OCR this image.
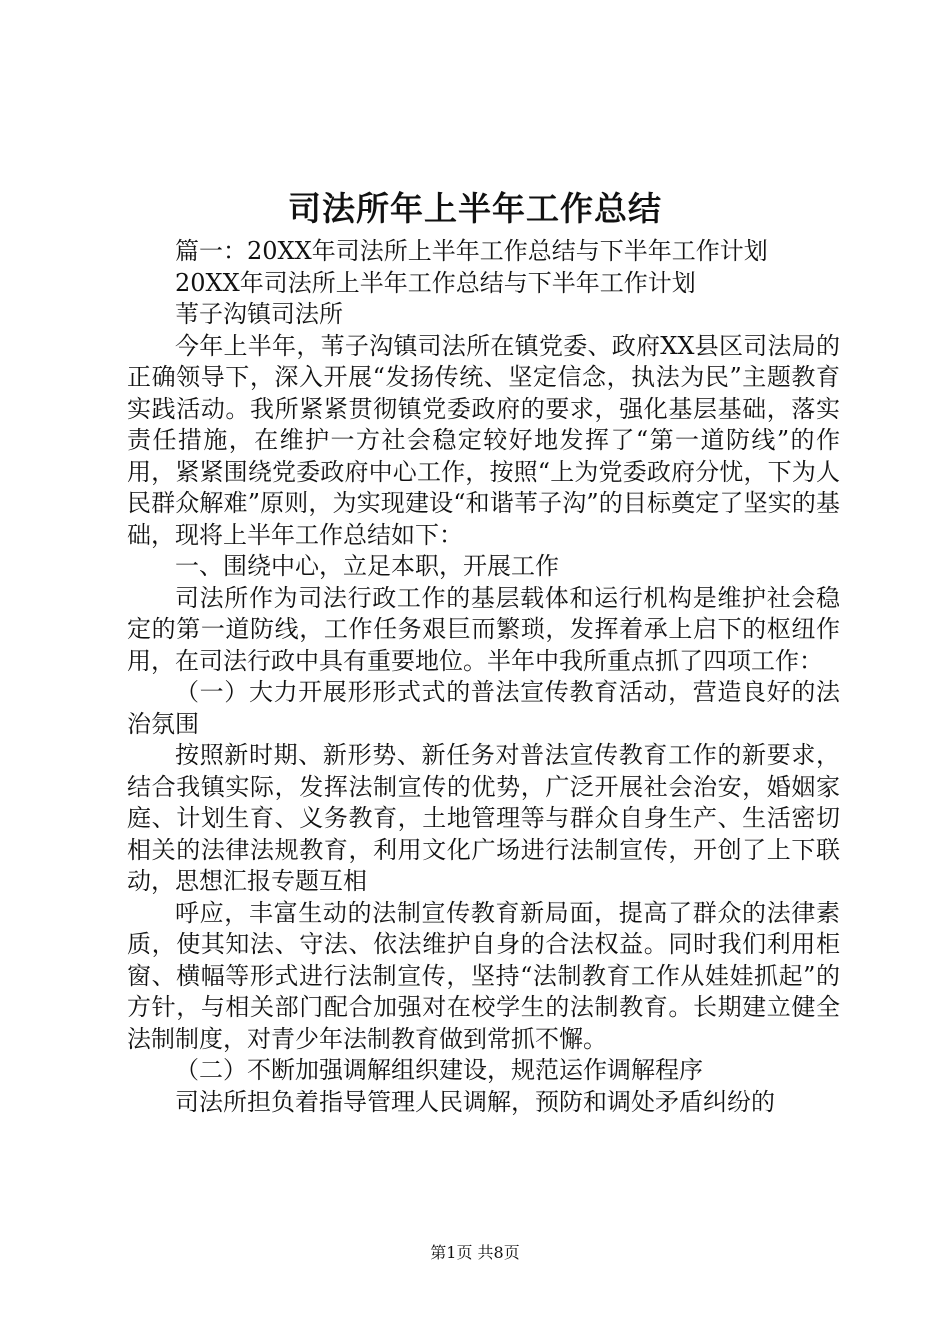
司法所年上半年工作总结

篇一：20XX年司法所上半年工作总结与下半年工作计划

20XX年司法所上半年工作总结与下半年工作计划

苇子沟镇司法所

今年上半年，苇子沟镇司法所在镇党委、政府XX县区司法局的正确领导下，深入开展“发扬传统、坚定信念，执法为民”主题教育实践活动。我所紧紧贯彻镇党委政府的要求，强化基层基础，落实责任措施，在维护一方社会稳定较好地发挥了“第一道防线”的作用，紧紧围绕党委政府中心工作，按照“上为党委政府分忧，下为人民群众解难”原则，为实现建设“和谐苇子沟”的目标奠定了坚实的基础，现将上半年工作总结如下：

一、围绕中心，立足本职，开展工作

司法所作为司法行政工作的基层载体和运行机构是维护社会稳定的第一道防线，工作任务艰巨而繁琐，发挥着承上启下的枢纽作用，在司法行政中具有重要地位。半年中我所重点抓了四项工作：

（一）大力开展形形式式的普法宣传教育活动，营造良好的法治氛围

按照新时期、新形势、新任务对普法宣传教育工作的新要求，结合我镇实际，发挥法制宣传的优势，广泛开展社会治安，婚姻家庭、计划生育、义务教育，土地管理等与群众自身生产、生活密切相关的法律法规教育，利用文化广场进行法制宣传，开创了上下联动，思想汇报专题互相

呼应，丰富生动的法制宣传教育新局面，提高了群众的法律素质，使其知法、守法、依法维护自身的合法权益。同时我们利用柜窗、横幅等形式进行法制宣传，坚持“法制教育工作从娃娃抓起”的方针，与相关部门配合加强对在校学生的法制教育。长期建立健全法制制度，对青少年法制教育做到常抓不懈。

（二）不断加强调解组织建设，规范运作调解程序

司法所担负着指导管理人民调解，预防和调处矛盾纠纷的

第1页 共8页
